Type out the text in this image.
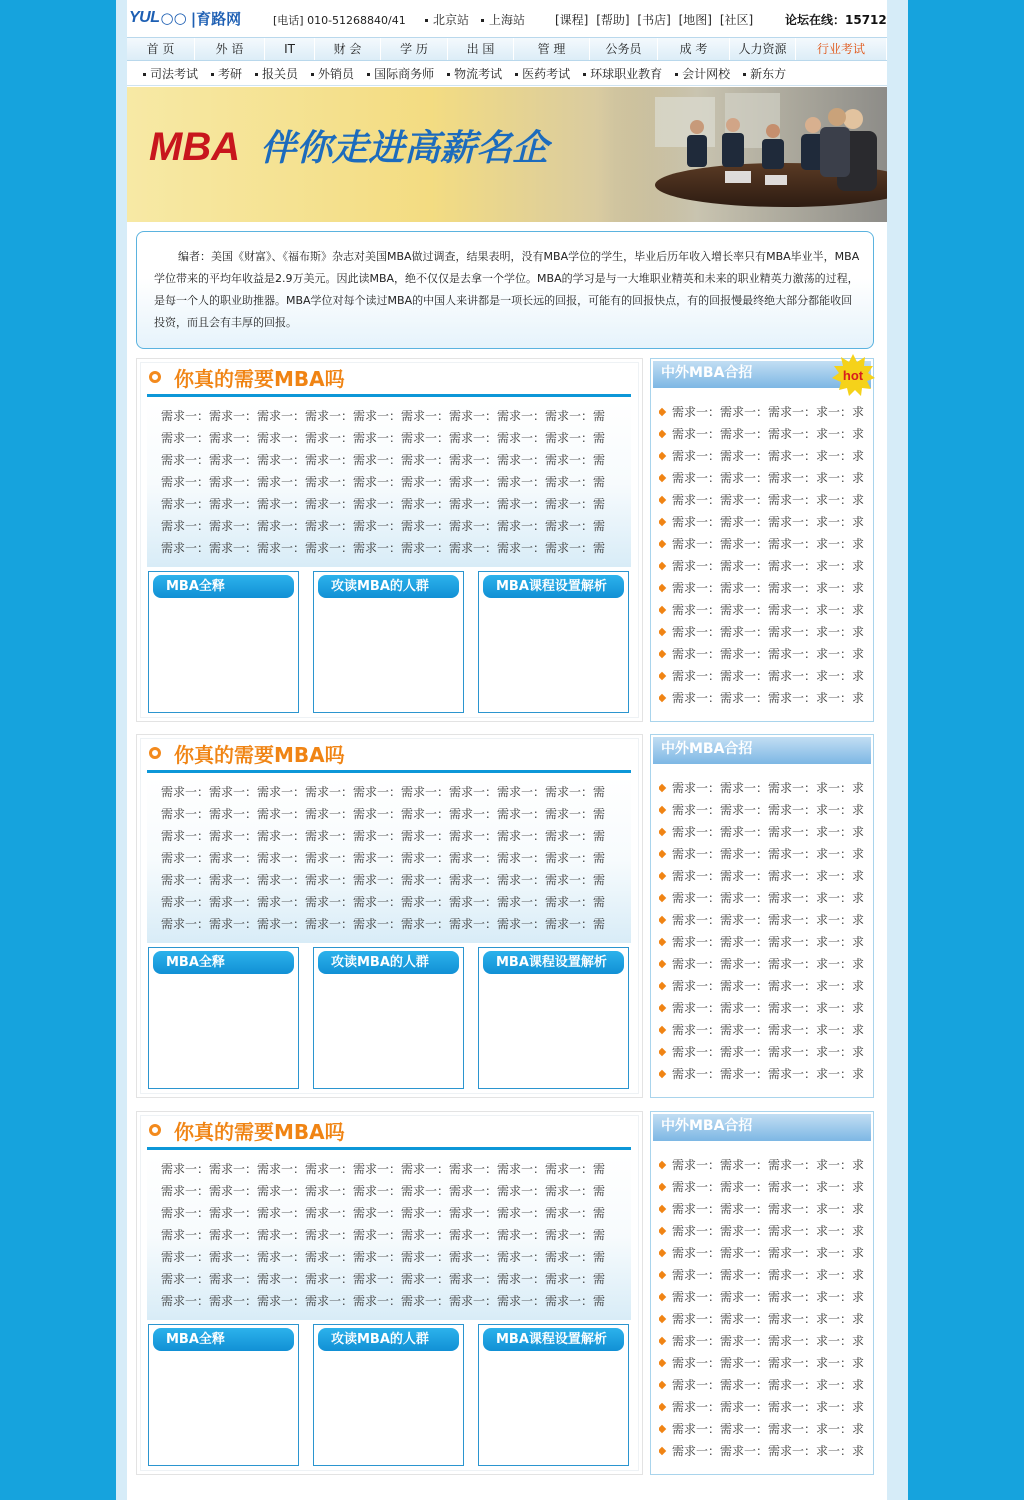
YUL ○○ |育路网	[电话] 010-51268840/41	北京站	上海站 [课程] [帮助] [书店] [地图] [社区]	论坛在线：15712
首 页	外 语	IT	财 会	学 历	出 国	管 理	公务员	成 考	人力资源	行业考试
司法考试	考研	报关员	外销员	国际商务师	物流考试	医药考试	环球职业教育	会计网校	新东方
MBA 伴你走进高薪名企

编者：美国《财富》、《福布斯》杂志对美国MBA做过调查，结果表明，没有MBA学位的学生，毕业后历年收入增长率只有MBA毕业半，MBA学位带来的平均年收益是2.9万美元。因此读MBA，绝不仅仅是去拿一个学位。MBA的学习是与一大堆职业精英和未来的职业精英力激荡的过程，是每一个人的职业助推器。MBA学位对每个读过MBA的中国人来讲都是一项长远的回报，可能有的回报快点，有的回报慢最终绝大部分都能收回投资，而且会有丰厚的回报。

你真的需要MBA吗
需求一：需求一：需求一：需求一：需求一：需求一：需求一：需求一：需求一：需
需求一：需求一：需求一：需求一：需求一：需求一：需求一：需求一：需求一：需
需求一：需求一：需求一：需求一：需求一：需求一：需求一：需求一：需求一：需
需求一：需求一：需求一：需求一：需求一：需求一：需求一：需求一：需求一：需
需求一：需求一：需求一：需求一：需求一：需求一：需求一：需求一：需求一：需
需求一：需求一：需求一：需求一：需求一：需求一：需求一：需求一：需求一：需
需求一：需求一：需求一：需求一：需求一：需求一：需求一：需求一：需求一：需
MBA全释	攻读MBA的人群	MBA课程设置解析
中外MBA合招	hot
需求一：需求一：需求一：求一：求
需求一：需求一：需求一：求一：求
需求一：需求一：需求一：求一：求
需求一：需求一：需求一：求一：求
需求一：需求一：需求一：求一：求
需求一：需求一：需求一：求一：求
需求一：需求一：需求一：求一：求
需求一：需求一：需求一：求一：求
需求一：需求一：需求一：求一：求
需求一：需求一：需求一：求一：求
需求一：需求一：需求一：求一：求
需求一：需求一：需求一：求一：求
需求一：需求一：需求一：求一：求
需求一：需求一：需求一：求一：求
你真的需要MBA吗
需求一：需求一：需求一：需求一：需求一：需求一：需求一：需求一：需求一：需
需求一：需求一：需求一：需求一：需求一：需求一：需求一：需求一：需求一：需
需求一：需求一：需求一：需求一：需求一：需求一：需求一：需求一：需求一：需
需求一：需求一：需求一：需求一：需求一：需求一：需求一：需求一：需求一：需
需求一：需求一：需求一：需求一：需求一：需求一：需求一：需求一：需求一：需
需求一：需求一：需求一：需求一：需求一：需求一：需求一：需求一：需求一：需
需求一：需求一：需求一：需求一：需求一：需求一：需求一：需求一：需求一：需
MBA全释	攻读MBA的人群	MBA课程设置解析
中外MBA合招
需求一：需求一：需求一：求一：求
需求一：需求一：需求一：求一：求
需求一：需求一：需求一：求一：求
需求一：需求一：需求一：求一：求
需求一：需求一：需求一：求一：求
需求一：需求一：需求一：求一：求
需求一：需求一：需求一：求一：求
需求一：需求一：需求一：求一：求
需求一：需求一：需求一：求一：求
需求一：需求一：需求一：求一：求
需求一：需求一：需求一：求一：求
需求一：需求一：需求一：求一：求
需求一：需求一：需求一：求一：求
需求一：需求一：需求一：求一：求
你真的需要MBA吗
需求一：需求一：需求一：需求一：需求一：需求一：需求一：需求一：需求一：需
需求一：需求一：需求一：需求一：需求一：需求一：需求一：需求一：需求一：需
需求一：需求一：需求一：需求一：需求一：需求一：需求一：需求一：需求一：需
需求一：需求一：需求一：需求一：需求一：需求一：需求一：需求一：需求一：需
需求一：需求一：需求一：需求一：需求一：需求一：需求一：需求一：需求一：需
需求一：需求一：需求一：需求一：需求一：需求一：需求一：需求一：需求一：需
需求一：需求一：需求一：需求一：需求一：需求一：需求一：需求一：需求一：需
MBA全释	攻读MBA的人群	MBA课程设置解析
中外MBA合招
需求一：需求一：需求一：求一：求
需求一：需求一：需求一：求一：求
需求一：需求一：需求一：求一：求
需求一：需求一：需求一：求一：求
需求一：需求一：需求一：求一：求
需求一：需求一：需求一：求一：求
需求一：需求一：需求一：求一：求
需求一：需求一：需求一：求一：求
需求一：需求一：需求一：求一：求
需求一：需求一：需求一：求一：求
需求一：需求一：需求一：求一：求
需求一：需求一：需求一：求一：求
需求一：需求一：需求一：求一：求
需求一：需求一：需求一：求一：求
